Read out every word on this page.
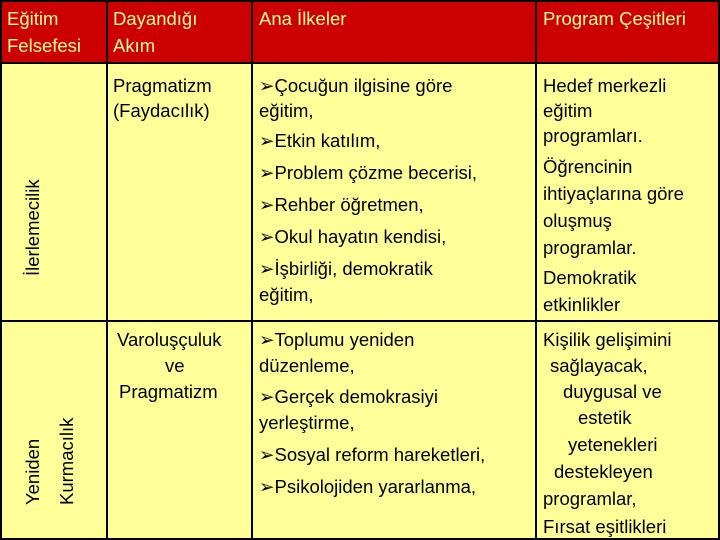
Eğitim
Felsefesi
Dayandığı
Akım
Ana İlkeler	Program Çeşitleri
İlerlemecilik
Pragmatizm
(Faydacılık)
➢ Çocuğun ilgisine göre
eğitim,
➢ Etkin katılım,
➢ Problem çözme becerisi,
➢ Rehber öğretmen,
➢ Okul hayatın kendisi,
➢ İşbirliği, demokratik
eğitim,
Hedef merkezli
eğitim
programları.
Öğrencinin
ihtiyaçlarına göre
oluşmuş
programlar.
Demokratik
etkinlikler
Yeniden Kurmacılık
Varoluşçuluk
ve
Pragmatizm
➢ Toplumu yeniden
düzenleme,
➢ Gerçek demokrasiyi
yerleştirme,
➢ Sosyal reform hareketleri,
➢ Psikolojiden yararlanma,
Kişilik gelişimini
sağlayacak,
duygusal ve
estetik
yetenekleri
destekleyen
programlar,
Fırsat eşitlikleri
